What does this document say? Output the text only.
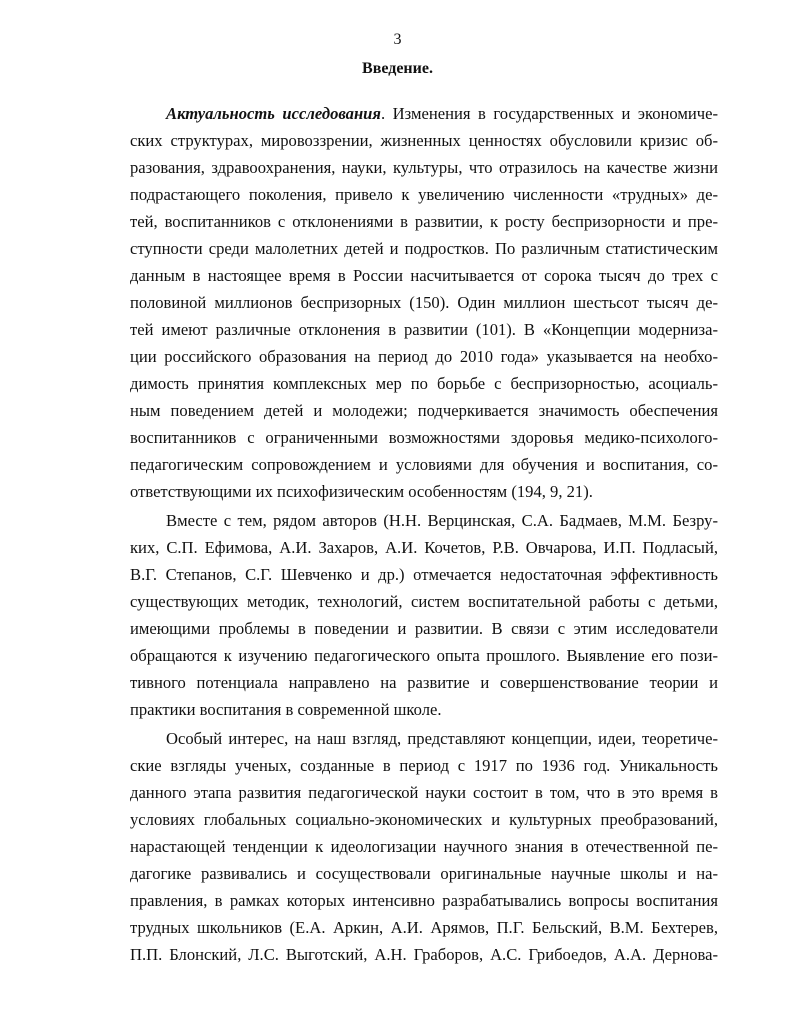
3
Введение.
Актуальность исследования. Изменения в государственных и экономиче-
ских структурах, мировоззрении, жизненных ценностях обусловили кризис об-
разования, здравоохранения, науки, культуры, что отразилось на качестве жизни
подрастающего поколения, привело к увеличению численности «трудных» де-
тей, воспитанников с отклонениями в развитии, к росту беспризорности и пре-
ступности среди малолетних детей и подростков. По различным статистическим
данным в настоящее время в России насчитывается от сорока тысяч до трех с
половиной миллионов беспризорных (150). Один миллион шестьсот тысяч де-
тей имеют различные отклонения в развитии (101). В «Концепции модерниза-
ции российского образования на период до 2010 года» указывается на необхо-
димость принятия комплексных мер по борьбе с беспризорностью, асоциаль-
ным поведением детей и молодежи; подчеркивается значимость обеспечения
воспитанников с ограниченными возможностями здоровья медико-психолого-
педагогическим сопровождением и условиями для обучения и воспитания, со-
ответствующими их психофизическим особенностям (194, 9, 21).
Вместе с тем, рядом авторов (Н.Н. Верцинская, С.А. Бадмаев, М.М. Безру-
ких, С.П. Ефимова, А.И. Захаров, А.И. Кочетов, Р.В. Овчарова, И.П. Подласый,
В.Г. Степанов, С.Г. Шевченко и др.) отмечается недостаточная эффективность
существующих методик, технологий, систем воспитательной работы с детьми,
имеющими проблемы в поведении и развитии. В связи с этим исследователи
обращаются к изучению педагогического опыта прошлого. Выявление его пози-
тивного потенциала направлено на развитие и совершенствование теории и
практики воспитания в современной школе.
Особый интерес, на наш взгляд, представляют концепции, идеи, теоретиче-
ские взгляды ученых, созданные в период с 1917 по 1936 год. Уникальность
данного этапа развития педагогической науки состоит в том, что в это время в
условиях глобальных социально-экономических и культурных преобразований,
нарастающей тенденции к идеологизации научного знания в отечественной пе-
дагогике развивались и сосуществовали оригинальные научные школы и на-
правления, в рамках которых интенсивно разрабатывались вопросы воспитания
трудных школьников (Е.А. Аркин, А.И. Арямов, П.Г. Бельский, В.М. Бехтерев,
П.П. Блонский, Л.С. Выготский, А.Н. Граборов, А.С. Грибоедов, А.А. Дернова-
